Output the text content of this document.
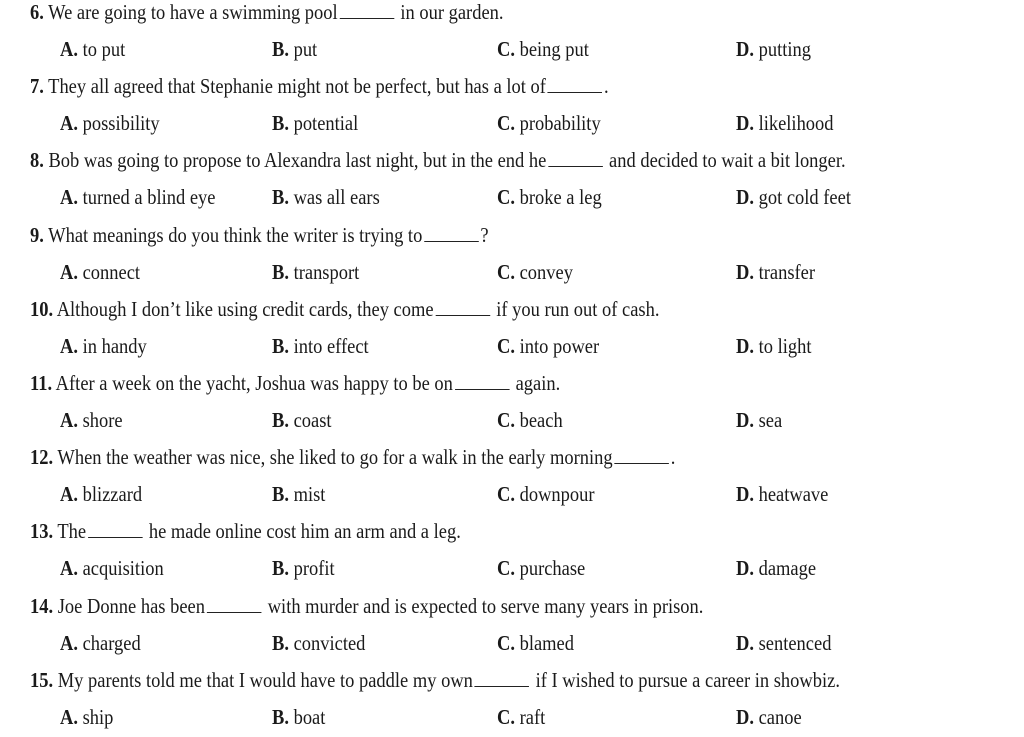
6. We are going to have a swimming pool	in our garden.
A. to put	B. put	C. being put	D. putting
7. They all agreed that Stephanie might not be perfect, but has a lot of	.
A. possibility	B. potential	C. probability	D. likelihood
8. Bob was going to propose to Alexandra last night, but in the end he	and decided to wait a bit longer.
A. turned a blind eye	B. was all ears	C. broke a leg	D. got cold feet
9. What meanings do you think the writer is trying to	?
A. connect	B. transport	C. convey	D. transfer
10. Although I don’t like using credit cards, they come	if you run out of cash.
A. in handy	B. into effect	C. into power	D. to light
11. After a week on the yacht, Joshua was happy to be on	again.
A. shore	B. coast	C. beach	D. sea
12. When the weather was nice, she liked to go for a walk in the early morning	.
A. blizzard	B. mist	C. downpour	D. heatwave
13. The	he made online cost him an arm and a leg.
A. acquisition	B. profit	C. purchase	D. damage
14. Joe Donne has been	with murder and is expected to serve many years in prison.
A. charged	B. convicted	C. blamed	D. sentenced
15. My parents told me that I would have to paddle my own	if I wished to pursue a career in showbiz.
A. ship	B. boat	C. raft	D. canoe
